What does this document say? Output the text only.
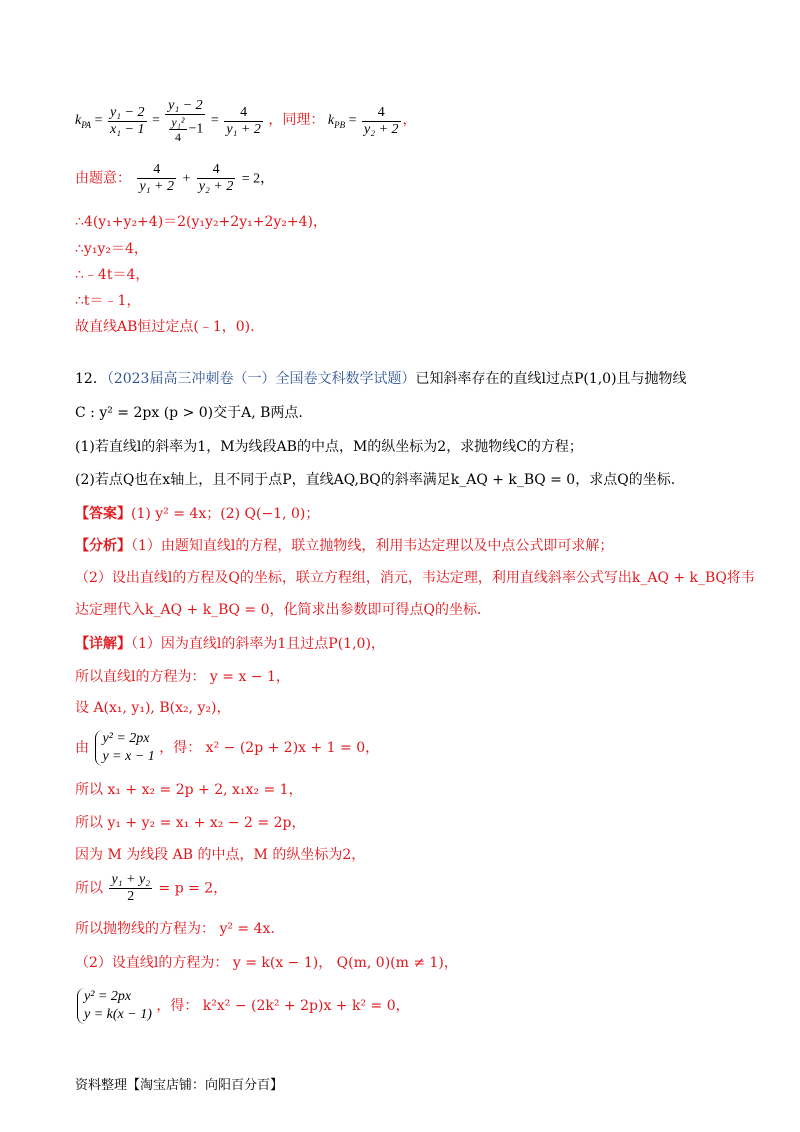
$k_{PA} = \frac{\text{y₁ − 2}}{\text{x₁ − 1}} = \frac{\text{y₁ − 2}}{\frac{\text{y₁²}}{4} -1} = \frac{4}{\text{y₁ + 2}}$ ，同理： $k_{PB} = \frac{4}{\text{y₂ + 2}}$ ，
由题意： $\frac{4}{\text{y₁ + 2}} + \frac{4}{\text{y₂ + 2}} = 2$，
∴4(y₁+y₂+4)＝2(y₁y₂+2y₁+2y₂+4)，
∴y₁y₂＝4，
∴﹣4t＝4，
∴t＝﹣1，
故直线AB恒过定点(﹣1，0).
12．（2023届高三冲刺卷（一）全国卷文科数学试题）已知斜率存在的直线l过点P(1,0)且与抛物线
C : y² = 2px (p > 0)交于A, B两点.
(1)若直线l的斜率为1，M为线段AB的中点，M的纵坐标为2，求抛物线C的方程；
(2)若点Q也在x轴上，且不同于点P，直线AQ,BQ的斜率满足k_AQ + k_BQ = 0，求点Q的坐标.
【答案】(1) y² = 4x；(2) Q(−1, 0)；
【分析】（1）由题知直线l的方程，联立抛物线，利用韦达定理以及中点公式即可求解；
（2）设出直线l的方程及Q的坐标，联立方程组，消元，韦达定理，利用直线斜率公式写出k_AQ + k_BQ将韦
达定理代入k_AQ + k_BQ = 0，化简求出参数即可得点Q的坐标.
【详解】（1）因为直线l的斜率为1且过点P(1,0)，
所以直线l的方程为： y = x − 1，
设 A(x₁, y₁), B(x₂, y₂)，
由
y² = 2px
y = x − 1
，得： x² − (2p + 2)x + 1 = 0，
所以 x₁ + x₂ = 2p + 2, x₁x₂ = 1，
所以 y₁ + y₂ = x₁ + x₂ − 2 = 2p，
因为 M 为线段 AB 的中点，M 的纵坐标为2，
所以 $\frac{\text{y₁ + y₂}}{2} = p = 2$，
所以抛物线的方程为： y² = 4x.
（2）设直线l的方程为： y = k(x − 1)， Q(m, 0)(m ≠ 1)，
y² = 2px
y = k(x − 1)
，得： k²x² − (2k² + 2p)x + k² = 0，
资料整理【淘宝店铺：向阳百分百】
